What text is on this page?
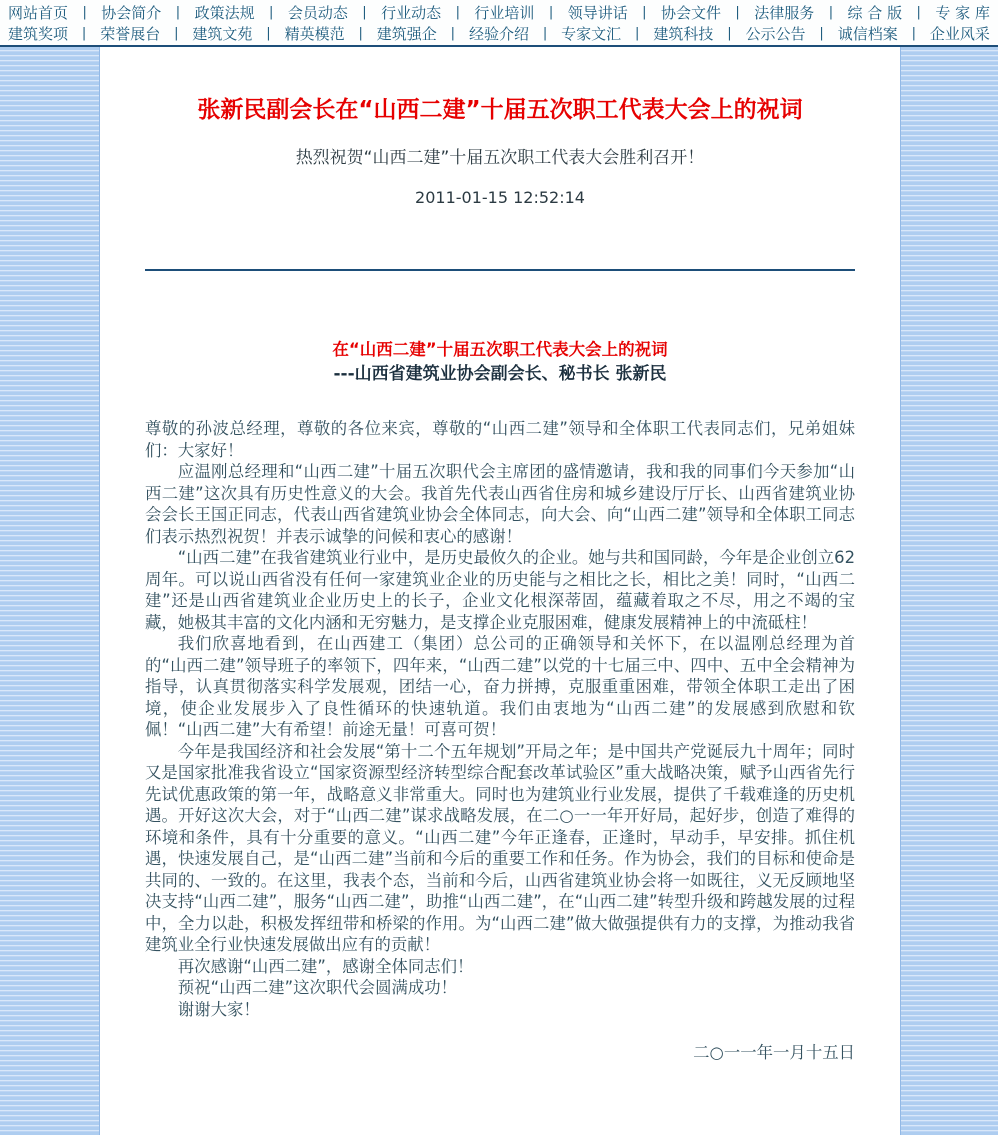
网站首页 | 协会简介 | 政策法规 | 会员动态 | 行业动态 | 行业培训 | 领导讲话 | 协会文件 | 法律服务 | 综 合 版 | 专 家 库
建筑奖项 | 荣誉展台 | 建筑文苑 | 精英模范 | 建筑强企 | 经验介绍 | 专家文汇 | 建筑科技 | 公示公告 | 诚信档案 | 企业风采
张新民副会长在“山西二建”十届五次职工代表大会上的祝词
热烈祝贺“山西二建”十届五次职工代表大会胜利召开！
2011-01-15 12:52:14
在“山西二建”十届五次职工代表大会上的祝词
---山西省建筑业协会副会长、秘书长 张新民

尊敬的孙波总经理，尊敬的各位来宾，尊敬的“山西二建”领导和全体职工代表同志们，兄弟姐妹们：大家好！

应温刚总经理和“山西二建”十届五次职代会主席团的盛情邀请，我和我的同事们今天参加“山西二建”这次具有历史性意义的大会。我首先代表山西省住房和城乡建设厅厅长、山西省建筑业协会会长王国正同志，代表山西省建筑业协会全体同志，向大会、向“山西二建”领导和全体职工同志们表示热烈祝贺！并表示诚挚的问候和衷心的感谢！

“山西二建”在我省建筑业行业中，是历史最攸久的企业。她与共和国同龄，今年是企业创立62周年。可以说山西省没有任何一家建筑业企业的历史能与之相比之长，相比之美！同时，“山西二建”还是山西省建筑业企业历史上的长子，企业文化根深蒂固，蕴藏着取之不尽，用之不竭的宝藏，她极其丰富的文化内涵和无穷魅力，是支撑企业克服困难，健康发展精神上的中流砥柱！

我们欣喜地看到，在山西建工（集团）总公司的正确领导和关怀下，在以温刚总经理为首的“山西二建”领导班子的率领下，四年来，“山西二建”以党的十七届三中、四中、五中全会精神为指导，认真贯彻落实科学发展观，团结一心，奋力拼搏，克服重重困难，带领全体职工走出了困境，使企业发展步入了良性循环的快速轨道。我们由衷地为“山西二建”的发展感到欣慰和钦佩！“山西二建”大有希望！前途无量！可喜可贺！

今年是我国经济和社会发展“第十二个五年规划”开局之年；是中国共产党诞辰九十周年；同时又是国家批准我省设立“国家资源型经济转型综合配套改革试验区”重大战略决策，赋予山西省先行先试优惠政策的第一年，战略意义非常重大。同时也为建筑业行业发展，提供了千载难逢的历史机遇。开好这次大会，对于“山西二建”谋求战略发展，在二○一一年开好局，起好步，创造了难得的环境和条件，具有十分重要的意义。“山西二建”今年正逢春，正逢时，早动手，早安排。抓住机遇，快速发展自己，是“山西二建”当前和今后的重要工作和任务。作为协会，我们的目标和使命是共同的、一致的。在这里，我表个态，当前和今后，山西省建筑业协会将一如既往，义无反顾地坚决支持“山西二建”，服务“山西二建”，助推“山西二建”，在“山西二建”转型升级和跨越发展的过程中，全力以赴，积极发挥纽带和桥梁的作用。为“山西二建”做大做强提供有力的支撑，为推动我省建筑业全行业快速发展做出应有的贡献！

再次感谢“山西二建”，感谢全体同志们！

预祝“山西二建”这次职代会圆满成功！

谢谢大家！

二○一一年一月十五日
